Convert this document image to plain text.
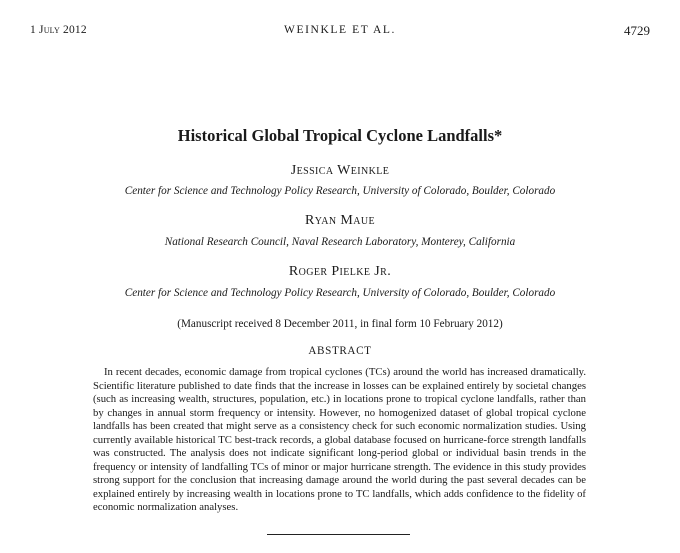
1 July 2012	WEINKLE ET AL.	4729
Historical Global Tropical Cyclone Landfalls*
Jessica Weinkle
Center for Science and Technology Policy Research, University of Colorado, Boulder, Colorado
Ryan Maue
National Research Council, Naval Research Laboratory, Monterey, California
Roger Pielke Jr.
Center for Science and Technology Policy Research, University of Colorado, Boulder, Colorado
(Manuscript received 8 December 2011, in final form 10 February 2012)
ABSTRACT

In recent decades, economic damage from tropical cyclones (TCs) around the world has increased dramatically. Scientific literature published to date finds that the increase in losses can be explained entirely by societal changes (such as increasing wealth, structures, population, etc.) in locations prone to tropical cyclone landfalls, rather than by changes in annual storm frequency or intensity. However, no homogenized dataset of global tropical cyclone landfalls has been created that might serve as a consistency check for such economic normalization studies. Using currently available historical TC best-track records, a global database focused on hurricane-force strength landfalls was constructed. The analysis does not indicate significant long-period global or individual basin trends in the frequency or intensity of landfalling TCs of minor or major hurricane strength. The evidence in this study provides strong support for the conclusion that increasing damage around the world during the past several decades can be explained entirely by increasing wealth in locations prone to TC landfalls, which adds confidence to the fidelity of economic normalization analyses.
